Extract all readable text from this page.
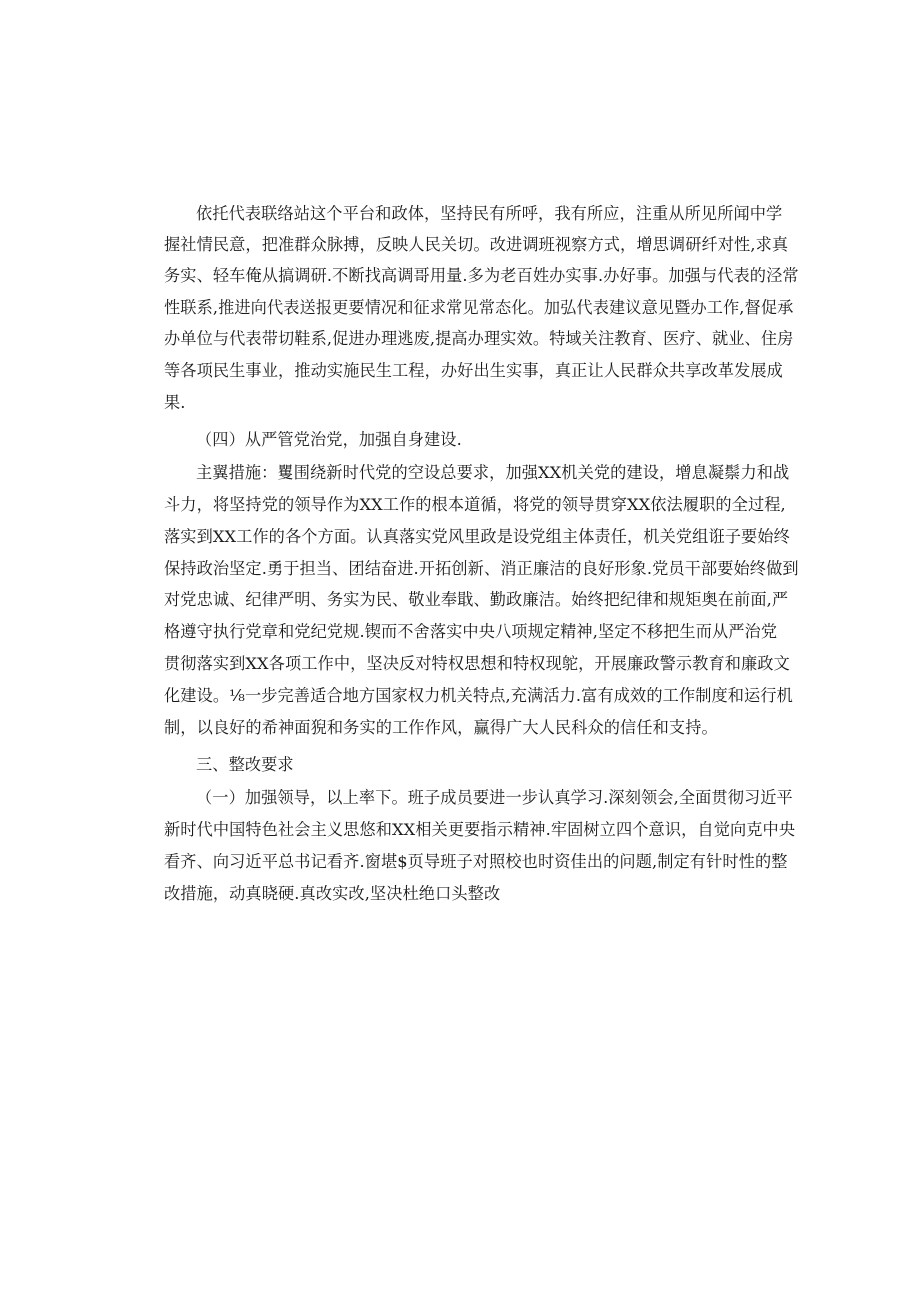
依托代表联络站这个平台和政体，坚持民有所呼，我有所应，注重从所见所闻中学
握社情民意，把准群众脉搏，反映人民关切。改进调班视察方式，增思调研纤对性,求真
务实、轻车俺从搞调研.不断找高调哥用量.多为老百姓办实事.办好事。加强与代表的泾常
性联系,推进向代表送报更要情况和征求常见常态化。加弘代表建议意见暨办工作,督促承
办单位与代表带切鞋系,促进办理逃废,提高办理实效。特域关注教育、医疗、就业、住房
等各项民生事业，推动实施民生工程，办好出生实事，真正让人民群众共享改革发展成
果.
（四）从严管党治党，加强自身建设.
主翼措施：矍围绕新时代党的空设总要求，加强XX机关党的建设，增息凝鬃力和战
斗力，将坚持党的领导作为XX工作的根本道循，将党的领导贯穿XX依法履职的全过程,
落实到XX工作的各个方面。认真落实党风里政是设党组主体责任，机关党组诳子要始终
保持政治坚定.勇于担当、团结奋进.开拓创新、消正廉洁的良好形象.党员干部要始终做到
对党忠诚、纪律严明、务实为民、敬业奉戢、勤政廉洁。始终把纪律和规矩奥在前面,严
格遵守执行党章和党纪党规.锲而不舍落实中央八项规定精神,坚定不移把生而从严治党
贯彻落实到XX各项工作中，坚决反对特权思想和特权现鸵，开展廉政警示教育和廉政文
化建设。⅛一步完善适合地方国家权力机关特点,充满活力.富有成效的工作制度和运行机
制，以良好的希神面猊和务实的工作作风，赢得广大人民科众的信任和支持。
三、整改要求
（一）加强领导，以上率下。班子成员要进一步认真学习.深刻领会,全面贯彻习近平
新时代中国特色社会主义思悠和XX相关更要指示精神.牢固树立四个意识，自觉向克中央
看齐、向习近平总书记看齐.窗堪$页导班子对照校也时资佳出的问题,制定有针时性的整
改措施，动真晓硬.真改实改,坚决杜绝口头整改
